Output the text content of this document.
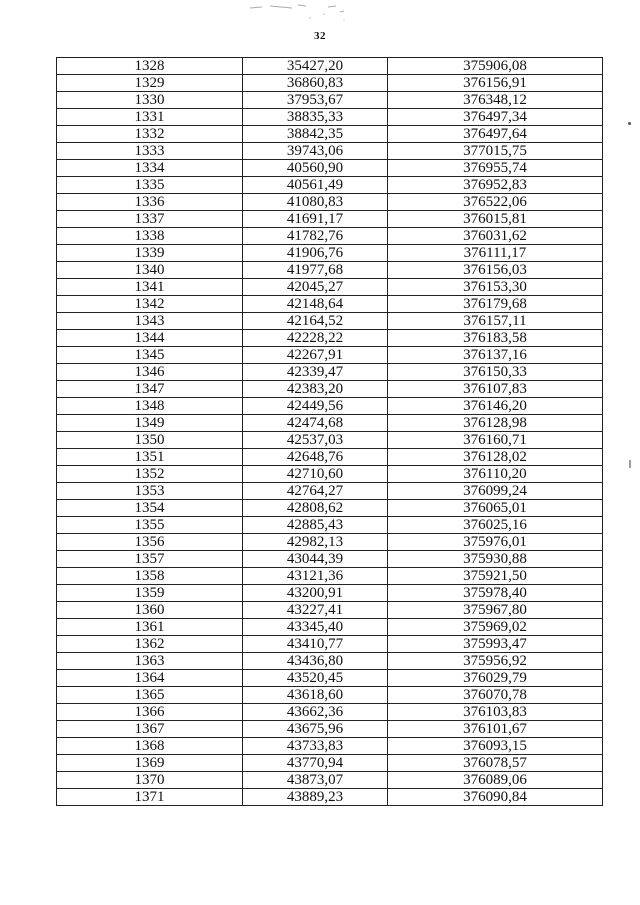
32
1328	35427,20	375906,08
1329	36860,83	376156,91
1330	37953,67	376348,12
1331	38835,33	376497,34
1332	38842,35	376497,64
1333	39743,06	377015,75
1334	40560,90	376955,74
1335	40561,49	376952,83
1336	41080,83	376522,06
1337	41691,17	376015,81
1338	41782,76	376031,62
1339	41906,76	376111,17
1340	41977,68	376156,03
1341	42045,27	376153,30
1342	42148,64	376179,68
1343	42164,52	376157,11
1344	42228,22	376183,58
1345	42267,91	376137,16
1346	42339,47	376150,33
1347	42383,20	376107,83
1348	42449,56	376146,20
1349	42474,68	376128,98
1350	42537,03	376160,71
1351	42648,76	376128,02
1352	42710,60	376110,20
1353	42764,27	376099,24
1354	42808,62	376065,01
1355	42885,43	376025,16
1356	42982,13	375976,01
1357	43044,39	375930,88
1358	43121,36	375921,50
1359	43200,91	375978,40
1360	43227,41	375967,80
1361	43345,40	375969,02
1362	43410,77	375993,47
1363	43436,80	375956,92
1364	43520,45	376029,79
1365	43618,60	376070,78
1366	43662,36	376103,83
1367	43675,96	376101,67
1368	43733,83	376093,15
1369	43770,94	376078,57
1370	43873,07	376089,06
1371	43889,23	376090,84
